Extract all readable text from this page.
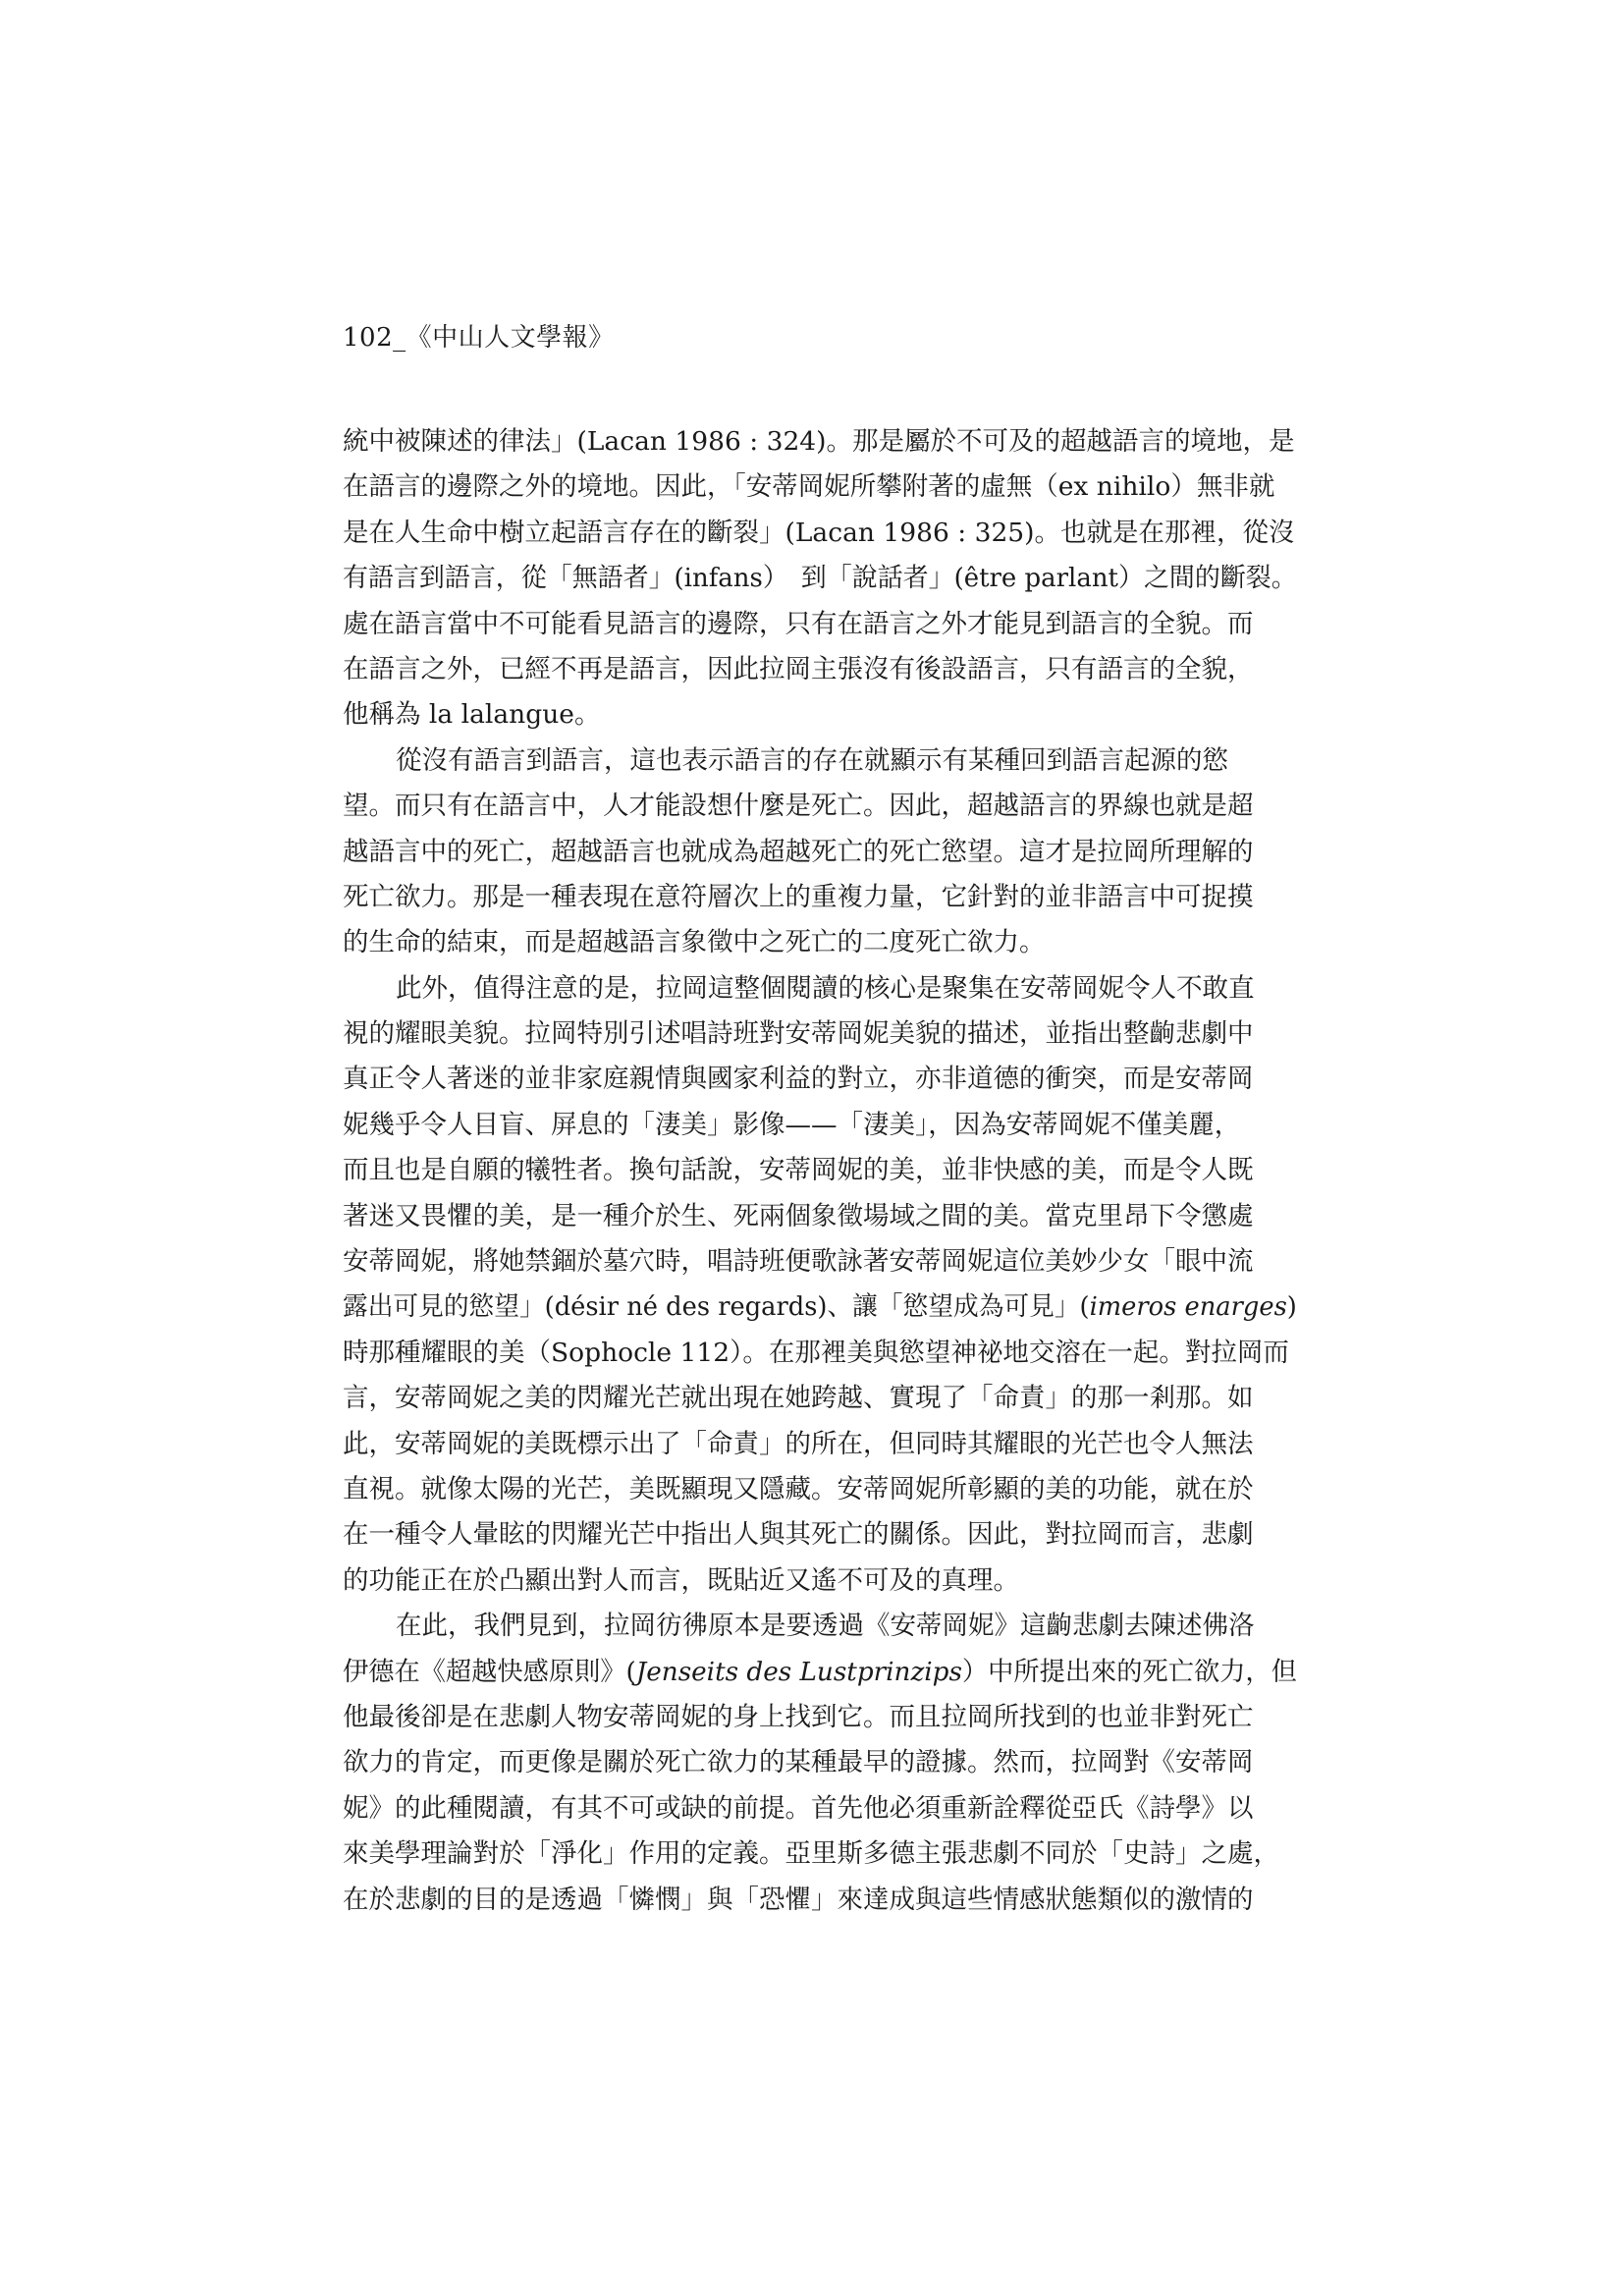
102_《中山人文學報》
統中被陳述的律法」(Lacan 1986 : 324)。那是屬於不可及的超越語言的境地，是
在語言的邊際之外的境地。因此，「安蒂岡妮所攀附著的虛無（ex nihilo）無非就
是在人生命中樹立起語言存在的斷裂」(Lacan 1986 : 325)。也就是在那裡，從沒
有語言到語言，從「無語者」(infans）　到「說話者」(être parlant）之間的斷裂。
處在語言當中不可能看見語言的邊際，只有在語言之外才能見到語言的全貌。而
在語言之外，已經不再是語言，因此拉岡主張沒有後設語言，只有語言的全貌，
他稱為 la lalangue。
從沒有語言到語言，這也表示語言的存在就顯示有某種回到語言起源的慾
望。而只有在語言中，人才能設想什麼是死亡。因此，超越語言的界線也就是超
越語言中的死亡，超越語言也就成為超越死亡的死亡慾望。這才是拉岡所理解的
死亡欲力。那是一種表現在意符層次上的重複力量，它針對的並非語言中可捉摸
的生命的結束，而是超越語言象徵中之死亡的二度死亡欲力。
此外，值得注意的是，拉岡這整個閱讀的核心是聚集在安蒂岡妮令人不敢直
視的耀眼美貌。拉岡特別引述唱詩班對安蒂岡妮美貌的描述，並指出整齣悲劇中
真正令人著迷的並非家庭親情與國家利益的對立，亦非道德的衝突，而是安蒂岡
妮幾乎令人目盲、屏息的「淒美」影像——「淒美」，因為安蒂岡妮不僅美麗，
而且也是自願的犧牲者。換句話說，安蒂岡妮的美，並非快感的美，而是令人既
著迷又畏懼的美，是一種介於生、死兩個象徵場域之間的美。當克里昂下令懲處
安蒂岡妮，將她禁錮於墓穴時，唱詩班便歌詠著安蒂岡妮這位美妙少女「眼中流
露出可見的慾望」(désir né des regards)、讓「慾望成為可見」(imeros enarges)
時那種耀眼的美（Sophocle 112）。在那裡美與慾望神祕地交溶在一起。對拉岡而
言，安蒂岡妮之美的閃耀光芒就出現在她跨越、實現了「命責」的那一剎那。如
此，安蒂岡妮的美既標示出了「命責」的所在，但同時其耀眼的光芒也令人無法
直視。就像太陽的光芒，美既顯現又隱藏。安蒂岡妮所彰顯的美的功能，就在於
在一種令人暈眩的閃耀光芒中指出人與其死亡的關係。因此，對拉岡而言，悲劇
的功能正在於凸顯出對人而言，既貼近又遙不可及的真理。
在此，我們見到，拉岡彷彿原本是要透過《安蒂岡妮》這齣悲劇去陳述佛洛
伊德在《超越快感原則》(Jenseits des Lustprinzips）中所提出來的死亡欲力，但
他最後卻是在悲劇人物安蒂岡妮的身上找到它。而且拉岡所找到的也並非對死亡
欲力的肯定，而更像是關於死亡欲力的某種最早的證據。然而，拉岡對《安蒂岡
妮》的此種閱讀，有其不可或缺的前提。首先他必須重新詮釋從亞氏《詩學》以
來美學理論對於「淨化」作用的定義。亞里斯多德主張悲劇不同於「史詩」之處，
在於悲劇的目的是透過「憐憫」與「恐懼」來達成與這些情感狀態類似的激情的
